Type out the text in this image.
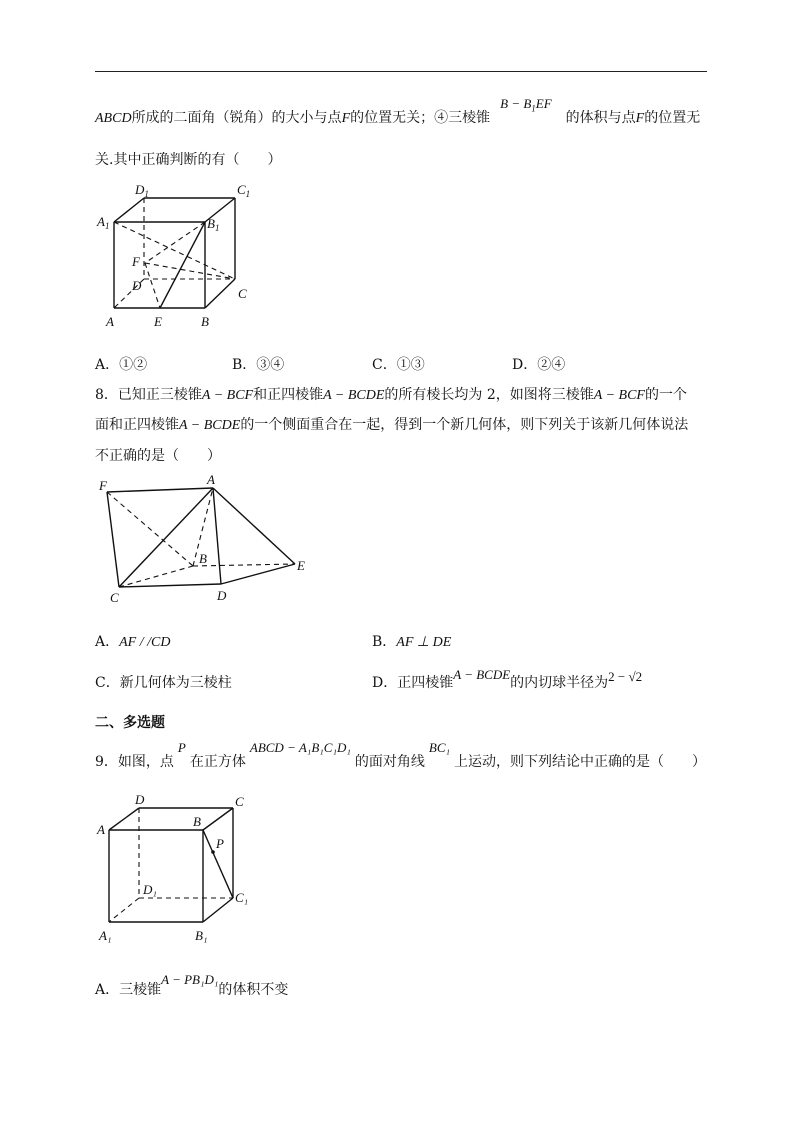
ABCD所成的二面角（锐角）的大小与点F的位置无关；④三棱锥$B - B_1EF$的体积与点F的位置无
关.其中正确判断的有（　　）
$D_1$	$C_1$
$A_1$	$B_1$
F
D
C
A	E	B
A．①②	B．③④	C．①③	D．②④
8．已知正三棱锥A − BCF和正四棱锥A − BCDE的所有棱长均为 2，如图将三棱锥A − BCF的一个
面和正四棱锥A − BCDE的一个侧面重合在一起，得到一个新几何体，则下列关于该新几何体说法
不正确的是（　　）
F	A
B	E
C	D
A．AF / /CD	B．AF ⊥ DE
C．新几何体为三棱柱	D．正四棱锥A − BCDE的内切球半径为2 − √2
二、多选题
9．如图，点P在正方体ABCD − A₁B₁C₁D₁的面对角线BC₁上运动，则下列结论中正确的是（　　）
D	C
A
B
P
D₁
C₁
A₁	B₁
A．三棱锥A − PB₁D₁的体积不变
